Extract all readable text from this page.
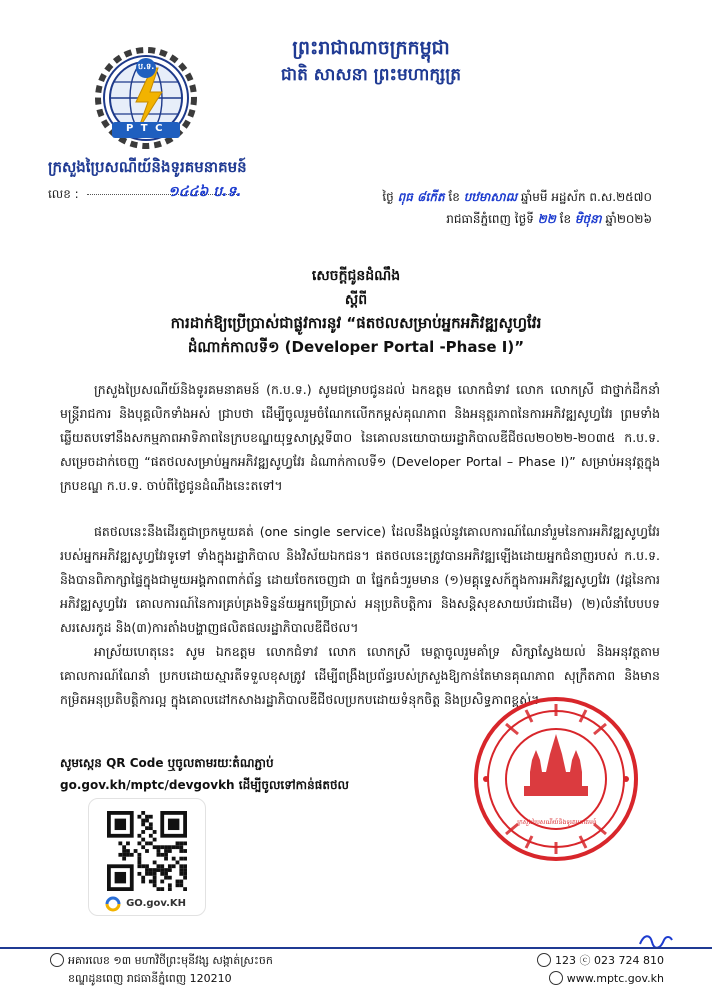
ព្រះរាជាណាចក្រកម្ពុជា
ជាតិ សាសនា ព្រះមហាក្សត្រ
ប.ទ.
P T C
ក្រសួងប្រៃសណីយ៍និងទូរគមនាគមន៍
លេខ :	១៤៤៦ ប.ទ.	ថ្ងៃ ពុធ ៨កើត ខែ បឋមាសាឍ ឆ្នាំមមី អដ្ឋស័ក ព.ស.២៥៧០
រាជធានីភ្នំពេញ ថ្ងៃទី ២២ ខែ មិថុនា ឆ្នាំ២០២៦
សេចក្តីជូនដំណឹង
ស្តីពី
ការដាក់ឱ្យប្រើប្រាស់ជាផ្លូវការនូវ “ផតថលសម្រាប់អ្នកអភិវឌ្ឍសូហ្វវែរ
ដំណាក់កាលទី១ (Developer Portal -Phase I)”
ក្រសួងប្រៃសណីយ៍និងទូរគមនាគមន៍ (ក.ប.ទ.) សូមជម្រាបជូនដល់ ឯកឧត្តម លោកជំទាវ លោក លោកស្រី ជាថ្នាក់ដឹកនាំ មន្ត្រីរាជការ និងបុគ្គលិកទាំងអស់ ជ្រាបថា ដើម្បីចូលរួមចំណែកលើកកម្ពស់គុណភាព និងអនុត្តរភាពនៃការអភិវឌ្ឍសូហ្វវែរ ព្រមទាំងឆ្លើយតបទៅនឹងសកម្មភាពអាទិភាពនៃក្របខណ្ឌយុទ្ធសាស្ត្រទី៣០ នៃគោលនយោបាយរដ្ឋាភិបាលឌីជីថល២០២២-២០៣៥ ក.ប.ទ. សម្រេចដាក់ចេញ “ផតថលសម្រាប់អ្នកអភិវឌ្ឍសូហ្វវែរ ដំណាក់កាលទី១ (Developer Portal – Phase I)” សម្រាប់អនុវត្តក្នុងក្របខណ្ឌ ក.ប.ទ. ចាប់ពីថ្ងៃជូនដំណឹងនេះតទៅ។
ផតថលនេះនឹងដើរតួជាច្រកមួយគត់ (one single service) ដែលនឹងផ្តល់នូវគោលការណ៍ណែនាំរួមនៃការអភិវឌ្ឍសូហ្វវែររបស់អ្នកអភិវឌ្ឍសូហ្វវែរទូទៅ ទាំងក្នុងរដ្ឋាភិបាល និងវិស័យឯកជន។ ផតថលនេះត្រូវបានអភិវឌ្ឍឡើងដោយអ្នកជំនាញរបស់ ក.ប.ទ. និងបានពិភាក្សាផ្ទៃក្នុងជាមួយអង្គភាពពាក់ព័ន្ធ ដោយចែកចេញជា ៣ ផ្នែកធំៗរួមមាន (១)មគ្គុទ្ទេសក៍ក្នុងការអភិវឌ្ឍសូហ្វវែរ (វដ្តនៃការអភិវឌ្ឍសូហ្វវែរ គោលការណ៍នៃការគ្រប់គ្រងទិន្នន័យអ្នកប្រើប្រាស់ អនុប្រតិបត្តិការ និងសន្តិសុខសាយប័រជាដើម) (២)លំនាំបែបបទសរសេរកូដ និង(៣)ការតាំងបង្ហាញផលិតផលរដ្ឋាភិបាលឌីជីថល។
អាស្រ័យហេតុនេះ សូម ឯកឧត្តម លោកជំទាវ លោក លោកស្រី មេត្តាចូលរួមគាំទ្រ សិក្សាស្វែងយល់ និងអនុវត្តតាមគោលការណ៍ណែនាំ ប្រកបដោយស្មារតីទទួលខុសត្រូវ ដើម្បីពង្រឹងប្រព័ន្ធរបស់ក្រសួងឱ្យកាន់តែមានគុណភាព សុក្រឹតភាព និងមានកម្រិតអនុប្រតិបត្តិការល្អ ក្នុងគោលដៅកសាងរដ្ឋាភិបាលឌីជីថលប្រកបដោយទំនុកចិត្ត និងប្រសិទ្ធភាពខ្ពស់។
ក្រសួងប្រៃសណីយ៍និងទូរគមនាគមន៍
សូមស្កេន QR Code ឬចូលតាមរយៈតំណភ្ជាប់
go.gov.kh/mptc/devgovkh ដើម្បីចូលទៅកាន់ផតថល
GO.gov.KH
អគារលេខ ១៣ មហាវិថីព្រះមុនីវង្ស សង្កាត់ស្រះចក
ខណ្ឌដូនពេញ រាជធានីភ្នំពេញ 120210
123 ⓒ 023 724 810
www.mptc.gov.kh
